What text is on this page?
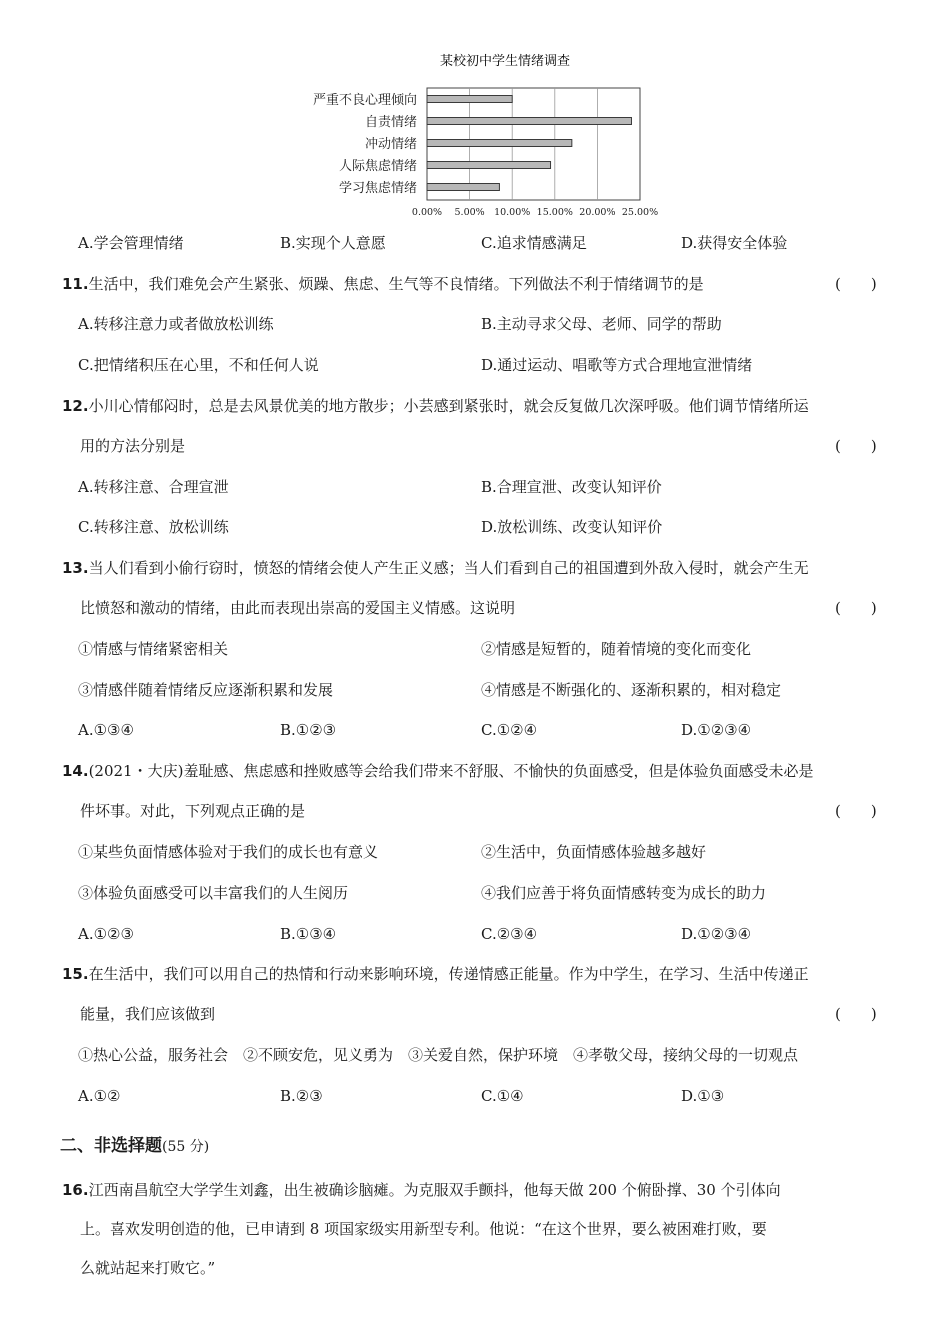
某校初中学生情绪调查
严重不良心理倾向
自责情绪
冲动情绪
人际焦虑情绪
学习焦虑情绪
0.00% 5.00% 10.00% 15.00% 20.00% 25.00%
A.学会管理情绪	B.实现个人意愿	C.追求情感满足	D.获得安全体验
11.生活中，我们难免会产生紧张、烦躁、焦虑、生气等不良情绪。下列做法不利于情绪调节的是	(　　)
A.转移注意力或者做放松训练	B.主动寻求父母、老师、同学的帮助
C.把情绪积压在心里，不和任何人说	D.通过运动、唱歌等方式合理地宣泄情绪
12.小川心情郁闷时，总是去风景优美的地方散步；小芸感到紧张时，就会反复做几次深呼吸。他们调节情绪所运
用的方法分别是	(　　)
A.转移注意、合理宣泄	B.合理宣泄、改变认知评价
C.转移注意、放松训练	D.放松训练、改变认知评价
13.当人们看到小偷行窃时，愤怒的情绪会使人产生正义感；当人们看到自己的祖国遭到外敌入侵时，就会产生无
比愤怒和激动的情绪，由此而表现出崇高的爱国主义情感。这说明	(　　)
①情感与情绪紧密相关	②情感是短暂的，随着情境的变化而变化
③情感伴随着情绪反应逐渐积累和发展	④情感是不断强化的、逐渐积累的，相对稳定
A.①③④	B.①②③	C.①②④	D.①②③④
14.(2021・大庆)羞耻感、焦虑感和挫败感等会给我们带来不舒服、不愉快的负面感受，但是体验负面感受未必是
件坏事。对此，下列观点正确的是	(　　)
①某些负面情感体验对于我们的成长也有意义	②生活中，负面情感体验越多越好
③体验负面感受可以丰富我们的人生阅历	④我们应善于将负面情感转变为成长的助力
A.①②③	B.①③④	C.②③④	D.①②③④
15.在生活中，我们可以用自己的热情和行动来影响环境，传递情感正能量。作为中学生，在学习、生活中传递正
能量，我们应该做到	(　　)
①热心公益，服务社会　②不顾安危，见义勇为　③关爱自然，保护环境　④孝敬父母，接纳父母的一切观点
A.①②	B.②③	C.①④	D.①③
二、非选择题(55 分)
16.江西南昌航空大学学生刘鑫，出生被确诊脑瘫。为克服双手颤抖，他每天做 200 个俯卧撑、30 个引体向
上。喜欢发明创造的他，已申请到 8 项国家级实用新型专利。他说：“在这个世界，要么被困难打败，要
么就站起来打败它。”
